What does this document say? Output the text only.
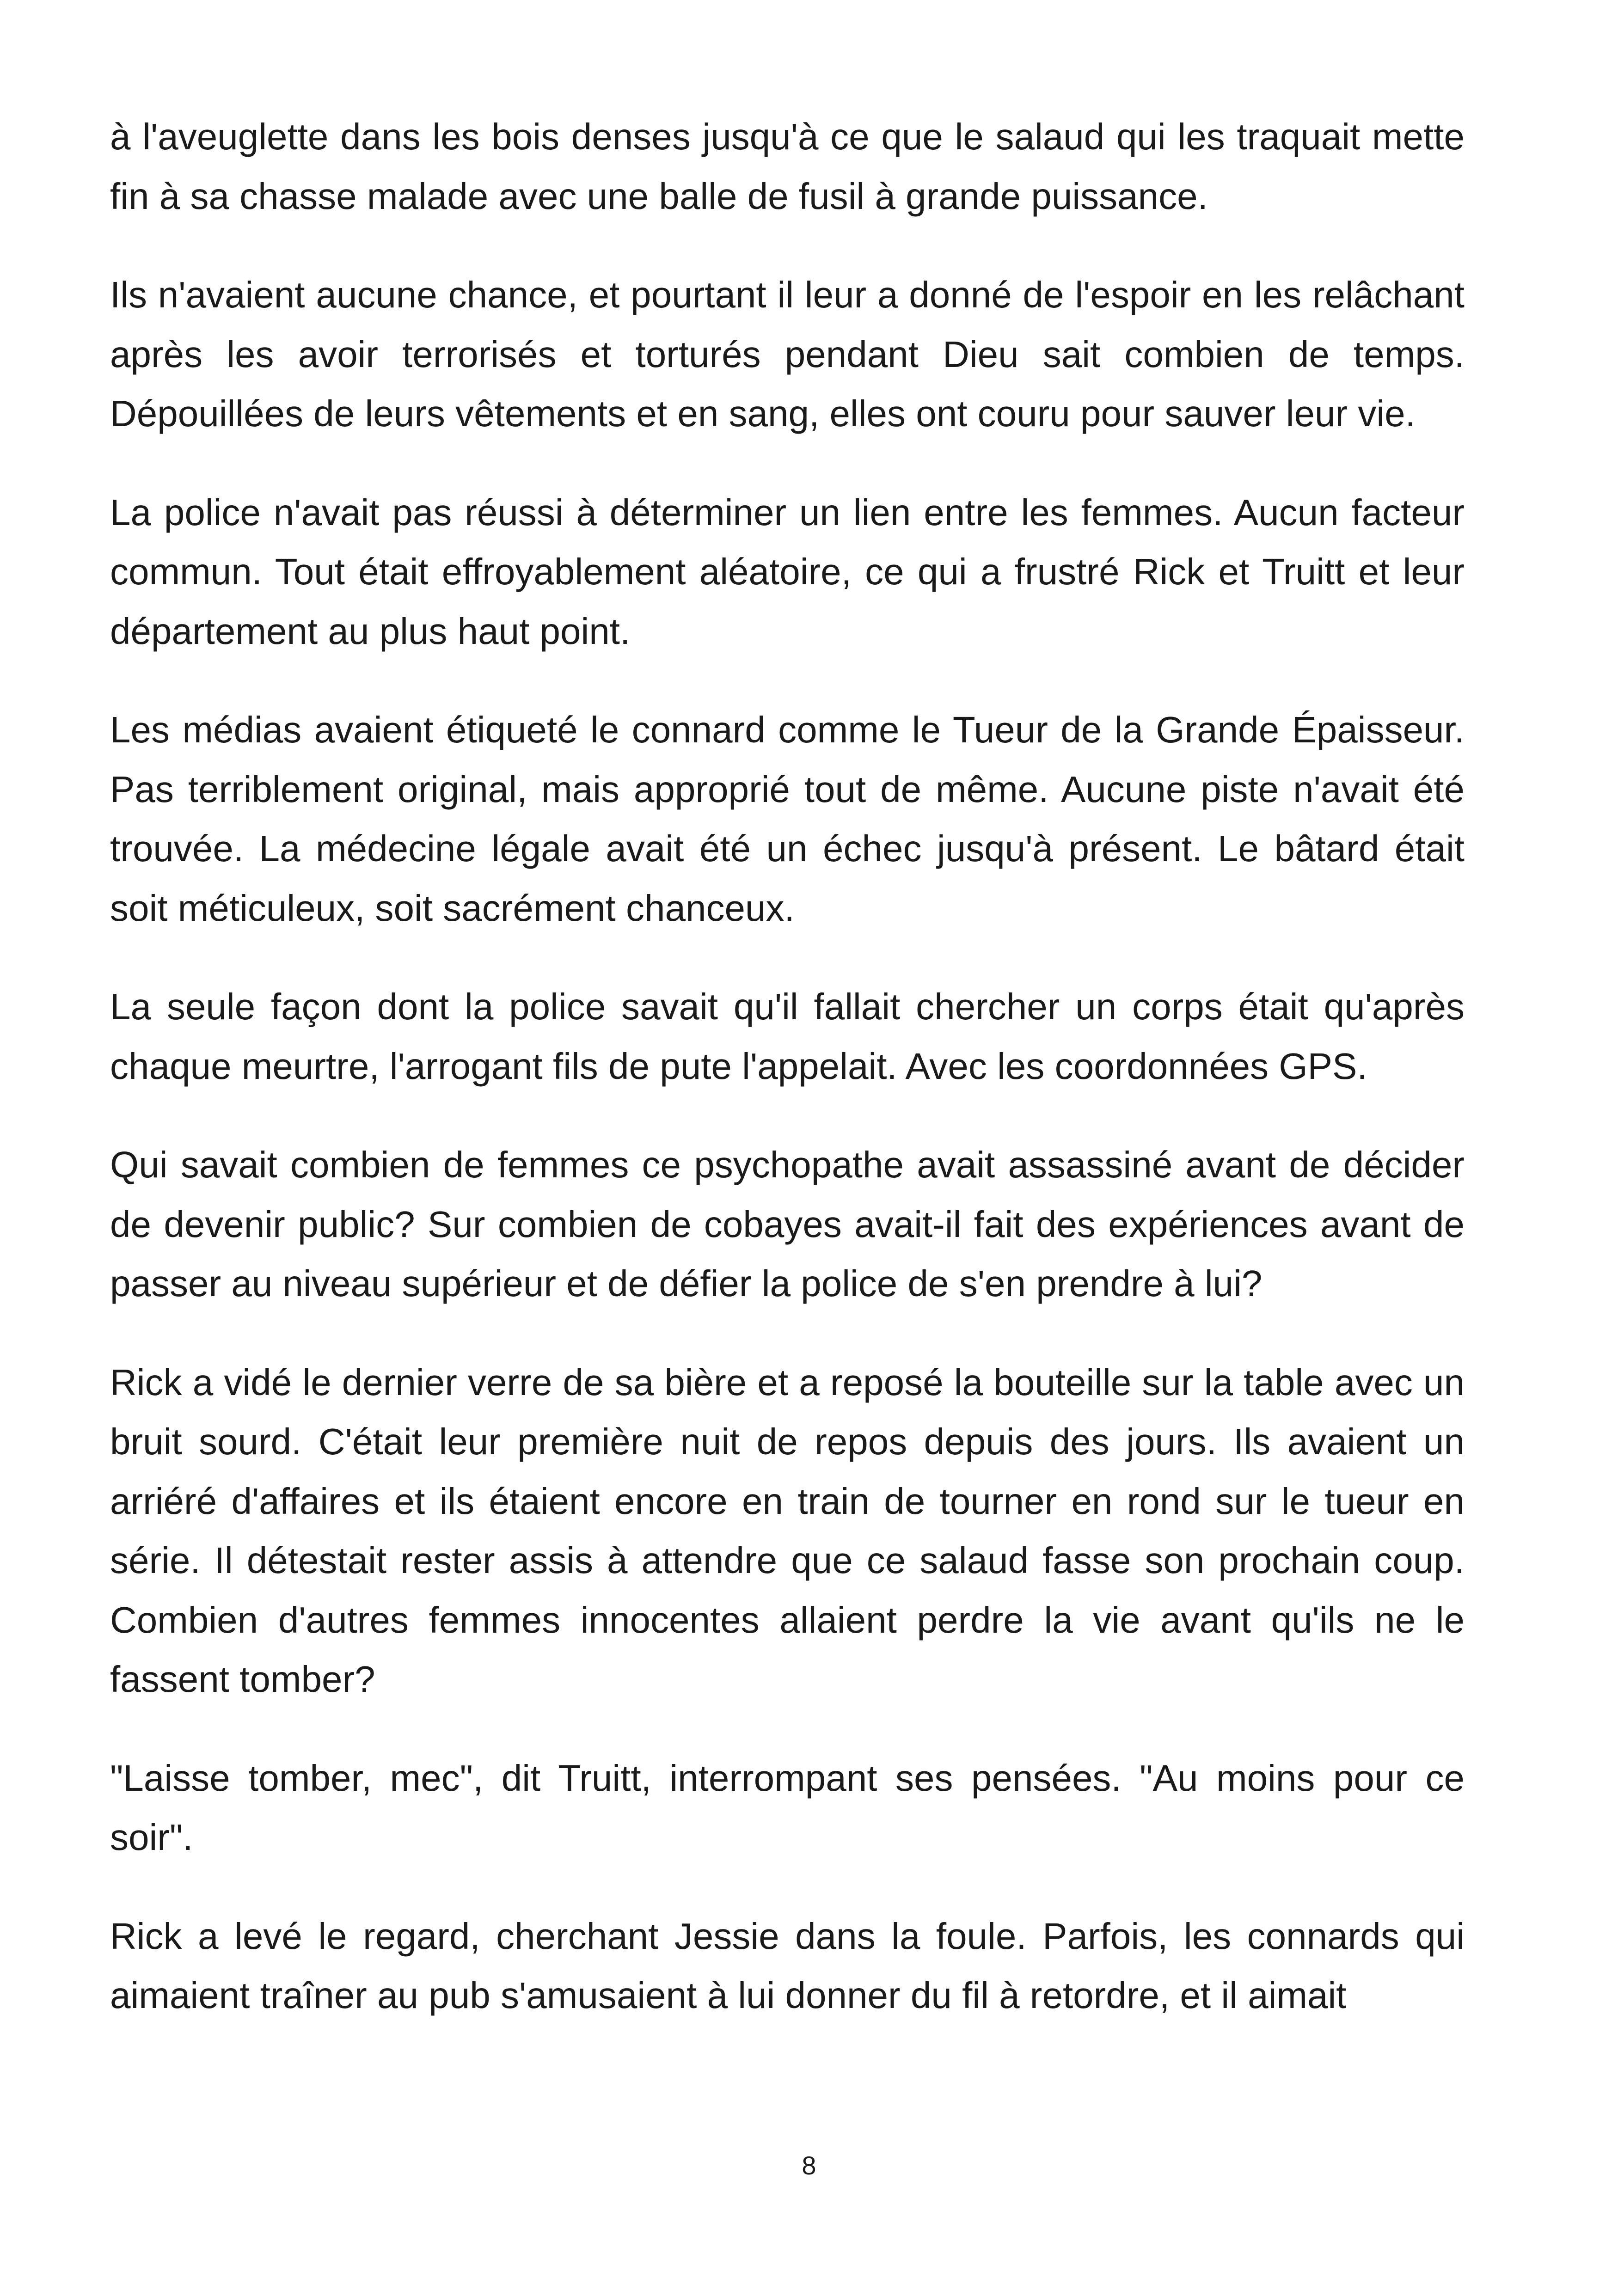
à l'aveuglette dans les bois denses jusqu'à ce que le salaud qui les traquait mette fin à sa chasse malade avec une balle de fusil à grande puissance.

Ils n'avaient aucune chance, et pourtant il leur a donné de l'espoir en les relâchant après les avoir terrorisés et torturés pendant Dieu sait combien de temps. Dépouillées de leurs vêtements et en sang, elles ont couru pour sauver leur vie.

La police n'avait pas réussi à déterminer un lien entre les femmes. Aucun facteur commun. Tout était effroyablement aléatoire, ce qui a frustré Rick et Truitt et leur département au plus haut point.

Les médias avaient étiqueté le connard comme le Tueur de la Grande Épaisseur. Pas terriblement original, mais approprié tout de même. Aucune piste n'avait été trouvée. La médecine légale avait été un échec jusqu'à présent. Le bâtard était soit méticuleux, soit sacrément chanceux.

La seule façon dont la police savait qu'il fallait chercher un corps était qu'après chaque meurtre, l'arrogant fils de pute l'appelait. Avec les coordonnées GPS.

Qui savait combien de femmes ce psychopathe avait assassiné avant de décider de devenir public? Sur combien de cobayes avait-il fait des expériences avant de passer au niveau supérieur et de défier la police de s'en prendre à lui?

Rick a vidé le dernier verre de sa bière et a reposé la bouteille sur la table avec un bruit sourd. C'était leur première nuit de repos depuis des jours. Ils avaient un arriéré d'affaires et ils étaient encore en train de tourner en rond sur le tueur en série. Il détestait rester assis à attendre que ce salaud fasse son prochain coup. Combien d'autres femmes innocentes allaient perdre la vie avant qu'ils ne le fassent tomber?

"Laisse tomber, mec", dit Truitt, interrompant ses pensées. "Au moins pour ce soir".

Rick a levé le regard, cherchant Jessie dans la foule. Parfois, les connards qui aimaient traîner au pub s'amusaient à lui donner du fil à retordre, et il aimait

8
